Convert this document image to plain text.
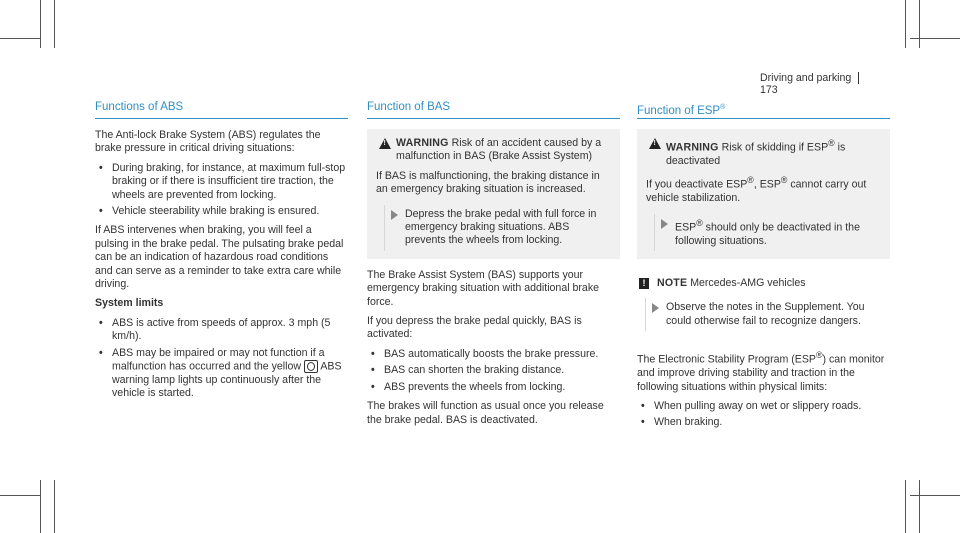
Driving and parking  173
Functions of ABS

The Anti-lock Brake System (ABS) regulates the brake pressure in critical driving situations:

• During braking, for instance, at maximum full-stop braking or if there is insufficient tire traction, the wheels are prevented from locking.
• Vehicle steerability while braking is ensured.

If ABS intervenes when braking, you will feel a pulsing in the brake pedal. The pulsating brake pedal can be an indication of hazardous road conditions and can serve as a reminder to take extra care while driving.

System limits

• ABS is active from speeds of approx. 3 mph (5 km/h).
• ABS may be impaired or may not function if a malfunction has occurred and the yellow ABS warning lamp lights up continuously after the vehicle is started.
Function of BAS
!
WARNING Risk of an accident caused by a malfunction in BAS (Brake Assist System)

If BAS is malfunctioning, the braking distance in an emergency braking situation is increased.

Depress the brake pedal with full force in emergency braking situations. ABS prevents the wheels from locking.

The Brake Assist System (BAS) supports your emergency braking situation with additional brake force.

If you depress the brake pedal quickly, BAS is activated:

• BAS automatically boosts the brake pressure.
• BAS can shorten the braking distance.
• ABS prevents the wheels from locking.

The brakes will function as usual once you release the brake pedal. BAS is deactivated.

Function of ESP®
!
WARNING Risk of skidding if ESP® is deactivated

If you deactivate ESP®, ESP® cannot carry out vehicle stabilization.

ESP® should only be deactivated in the following situations.
!	NOTE Mercedes-AMG vehicles
Observe the notes in the Supplement. You could otherwise fail to recognize dangers.

The Electronic Stability Program (ESP®) can monitor and improve driving stability and traction in the following situations within physical limits:

• When pulling away on wet or slippery roads.
• When braking.
